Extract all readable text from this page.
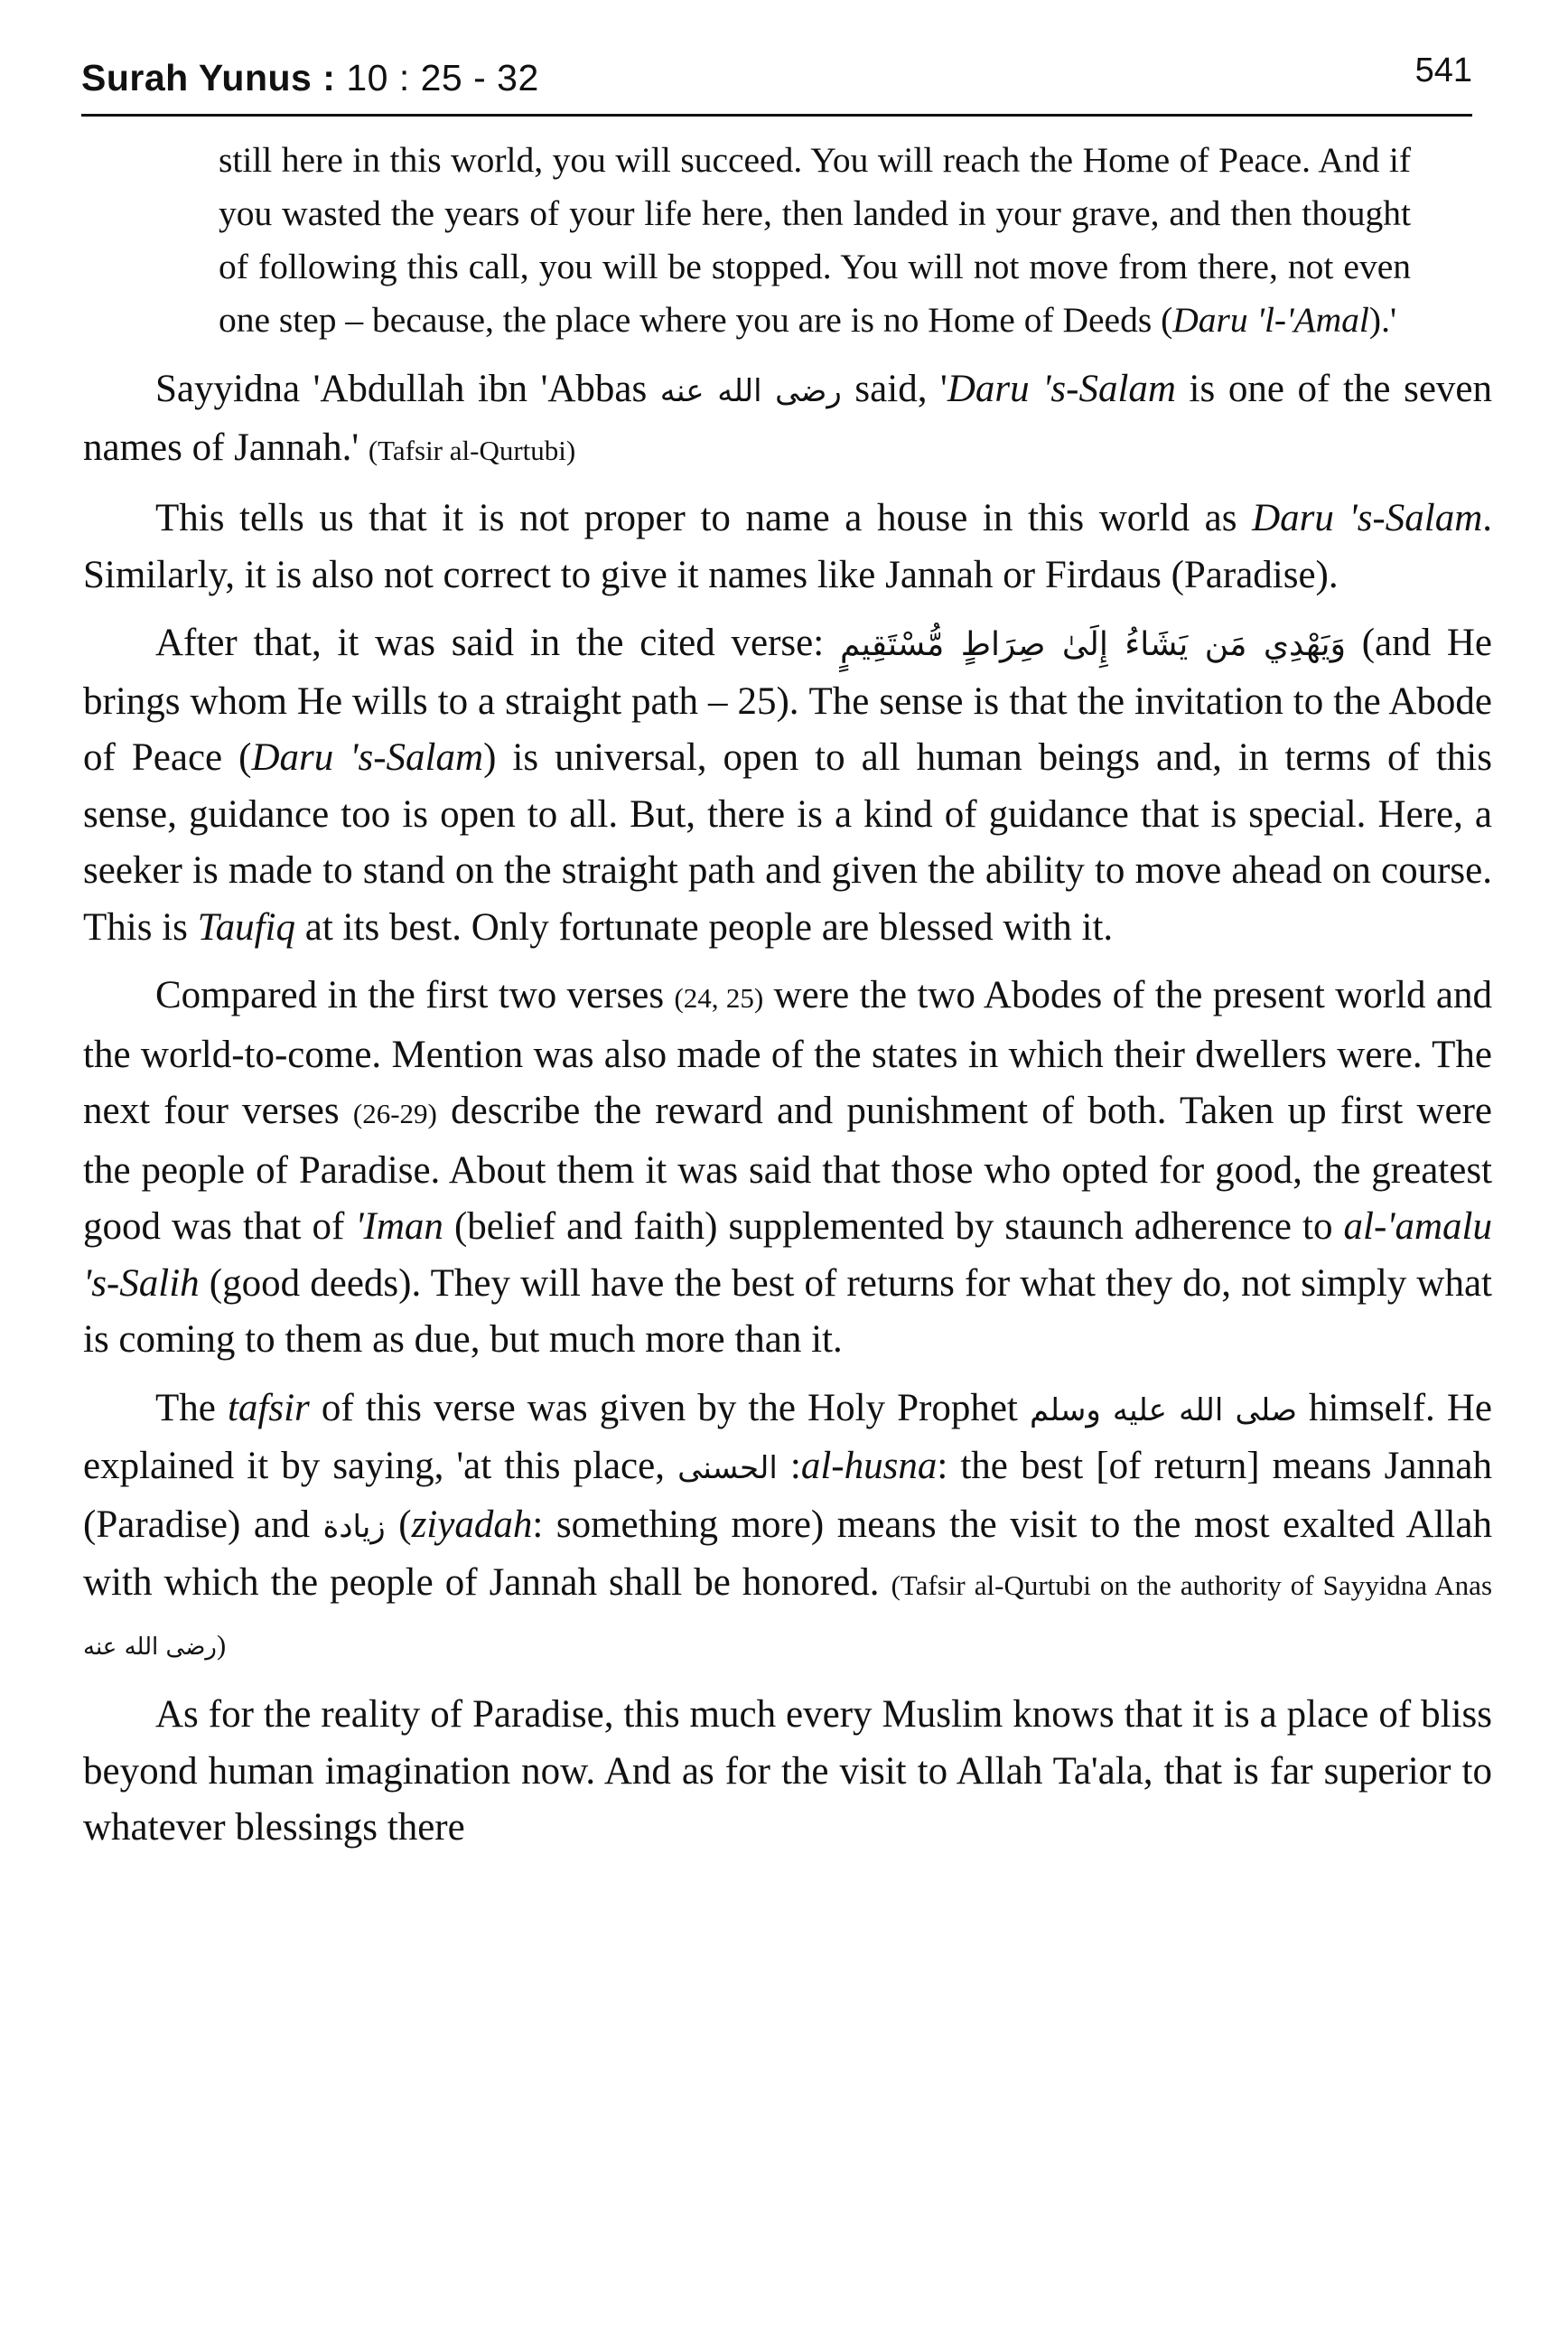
Surah Yunus : 10 : 25 - 32	541

still here in this world, you will succeed. You will reach the Home of Peace. And if you wasted the years of your life here, then landed in your grave, and then thought of following this call, you will be stopped. You will not move from there, not even one step – because, the place where you are is no Home of Deeds (Daru 'l-'Amal).'

Sayyidna 'Abdullah ibn 'Abbas رضى الله عنه said, 'Daru 's-Salam is one of the seven names of Jannah.' (Tafsir al-Qurtubi)

This tells us that it is not proper to name a house in this world as Daru 's-Salam. Similarly, it is also not correct to give it names like Jannah or Firdaus (Paradise).

After that, it was said in the cited verse: وَيَهْدِي مَن يَشَاءُ إِلَىٰ صِرَاطٍ مُّسْتَقِيمٍ (and He brings whom He wills to a straight path – 25). The sense is that the invitation to the Abode of Peace (Daru 's-Salam) is universal, open to all human beings and, in terms of this sense, guidance too is open to all. But, there is a kind of guidance that is special. Here, a seeker is made to stand on the straight path and given the ability to move ahead on course. This is Taufiq at its best. Only fortunate people are blessed with it.

Compared in the first two verses (24, 25) were the two Abodes of the present world and the world-to-come. Mention was also made of the states in which their dwellers were. The next four verses (26-29) describe the reward and punishment of both. Taken up first were the people of Paradise. About them it was said that those who opted for good, the greatest good was that of 'Iman (belief and faith) supplemented by staunch adherence to al-'amalu 's-Salih (good deeds). They will have the best of returns for what they do, not simply what is coming to them as due, but much more than it.

The tafsir of this verse was given by the Holy Prophet صلى الله عليه وسلم himself. He explained it by saying, 'at this place, الحسنى :al-husna: the best [of return] means Jannah (Paradise) and زيادة (ziyadah: something more) means the visit to the most exalted Allah with which the people of Jannah shall be honored. (Tafsir al-Qurtubi on the authority of Sayyidna Anas رضى الله عنه)

As for the reality of Paradise, this much every Muslim knows that it is a place of bliss beyond human imagination now. And as for the visit to Allah Ta'ala, that is far superior to whatever blessings there
